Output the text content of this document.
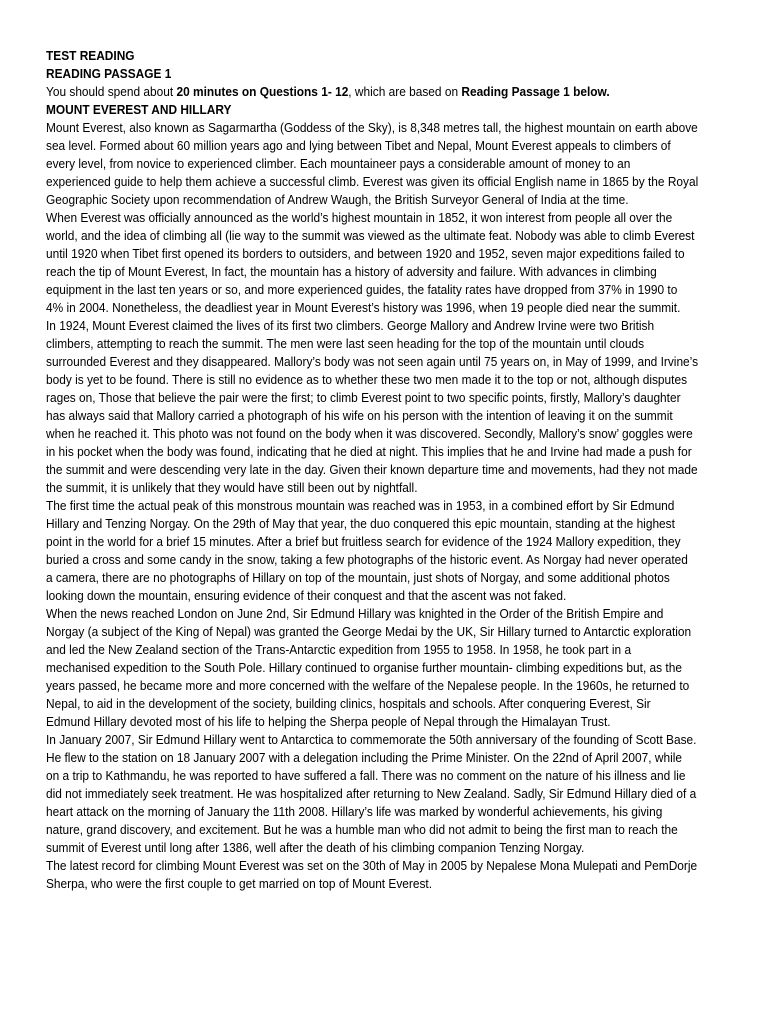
TEST READING
READING PASSAGE 1
You should spend about 20 minutes on Questions 1- 12, which are based on Reading Passage 1 below.
MOUNT EVEREST AND HILLARY
Mount Everest, also known as Sagarmartha (Goddess of the Sky), is 8,348 metres tall, the highest mountain on earth above
sea level. Formed about 60 million years ago and lying between Tibet and Nepal, Mount Everest appeals to climbers of
every level, from novice to experienced climber. Each mountaineer pays a considerable amount of money to an
experienced guide to help them achieve a successful climb. Everest was given its official English name in 1865 by the Royal
Geographic Society upon recommendation of Andrew Waugh, the British Surveyor General of India at the time.
When Everest was officially announced as the world’s highest mountain in 1852, it won interest from people all over the
world, and the idea of climbing all (lie way to the summit was viewed as the ultimate feat. Nobody was able to climb Everest
until 1920 when Tibet first opened its borders to outsiders, and between 1920 and 1952, seven major expeditions failed to
reach the tip of Mount Everest, In fact, the mountain has a history of adversity and failure. With advances in climbing
equipment in the last ten years or so, and more experienced guides, the fatality rates have dropped from 37% in 1990 to
4% in 2004. Nonetheless, the deadliest year in Mount Everest’s history was 1996, when 19 people died near the summit.
In 1924, Mount Everest claimed the lives of its first two climbers. George Mallory and Andrew Irvine were two British
climbers, attempting to reach the summit. The men were last seen heading for the top of the mountain until clouds
surrounded Everest and they disappeared. Mallory’s body was not seen again until 75 years on, in May of 1999, and Irvine’s
body is yet to be found. There is still no evidence as to whether these two men made it to the top or not, although disputes
rages on, Those that believe the pair were the first; to climb Everest point to two specific points, firstly, Mallory’s daughter
has always said that Mallory carried a photograph of his wife on his person with the intention of leaving it on the summit
when he reached it. This photo was not found on the body when it was discovered. Secondly, Mallory’s snow’ goggles were
in his pocket when the body was found, indicating that he died at night. This implies that he and Irvine had made a push for
the summit and were descending very late in the day. Given their known departure time and movements, had they not made
the summit, it is unlikely that they would have still been out by nightfall.
The first time the actual peak of this monstrous mountain was reached was in 1953, in a combined effort by Sir Edmund
Hillary and Tenzing Norgay. On the 29th of May that year, the duo conquered this epic mountain, standing at the highest
point in the world for a brief 15 minutes. After a brief but fruitless search for evidence of the 1924 Mallory expedition, they
buried a cross and some candy in the snow, taking a few photographs of the historic event. As Norgay had never operated
a camera, there are no photographs of Hillary on top of the mountain, just shots of Norgay, and some additional photos
looking down the mountain, ensuring evidence of their conquest and that the ascent was not faked.
When the news reached London on June 2nd, Sir Edmund Hillary was knighted in the Order of the British Empire and
Norgay (a subject of the King of Nepal) was granted the George Medai by the UK, Sir Hillary turned to Antarctic exploration
and led the New Zealand section of the Trans-Antarctic expedition from 1955 to 1958. In 1958, he took part in a
mechanised expedition to the South Pole. Hillary continued to organise further mountain- climbing expeditions but, as the
years passed, he became more and more concerned with the welfare of the Nepalese people. In the 1960s, he returned to
Nepal, to aid in the development of the society, building clinics, hospitals and schools. After conquering Everest, Sir
Edmund Hillary devoted most of his life to helping the Sherpa people of Nepal through the Himalayan Trust.
In January 2007, Sir Edmund Hillary went to Antarctica to commemorate the 50th anniversary of the founding of Scott Base.
He flew to the station on 18 January 2007 with a delegation including the Prime Minister. On the 22nd of April 2007, while
on a trip to Kathmandu, he was reported to have suffered a fall. There was no comment on the nature of his illness and lie
did not immediately seek treatment. He was hospitalized after returning to New Zealand. Sadly, Sir Edmund Hillary died of a
heart attack on the morning of January the 11th 2008. Hillary’s life was marked by wonderful achievements, his giving
nature, grand discovery, and excitement. But he was a humble man who did not admit to being the first man to reach the
summit of Everest until long after 1386, well after the death of his climbing companion Tenzing Norgay.
The latest record for climbing Mount Everest was set on the 30th of May in 2005 by Nepalese Mona Mulepati and PemDorje
Sherpa, who were the first couple to get married on top of Mount Everest.
